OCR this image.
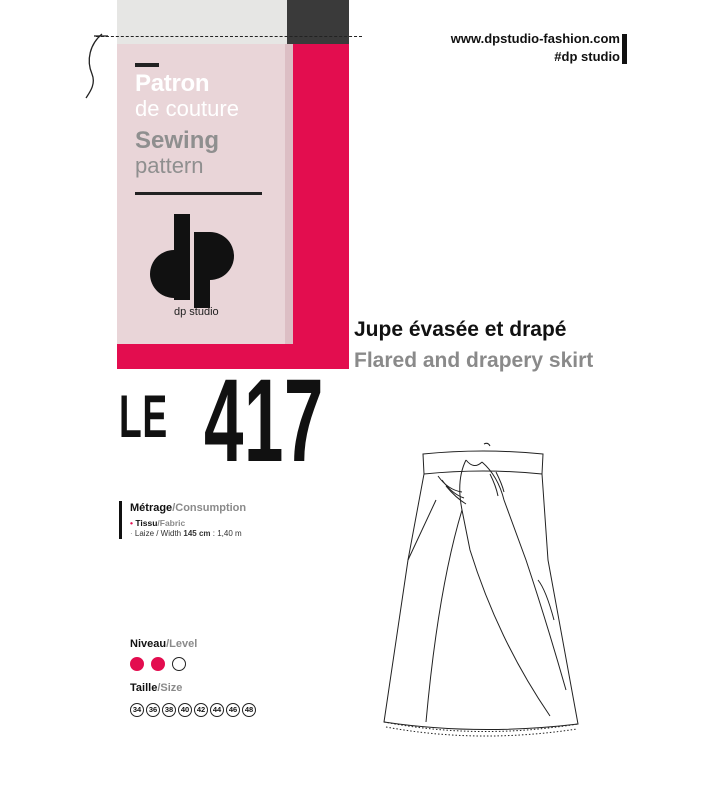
www.dpstudio-fashion.com
#dp studio
Patron
de couture
Sewing
pattern
dp studio
Jupe évasée et drapé
Flared and drapery skirt
LE 417
Métrage/Consumption
• Tissu/Fabric
· Laize / Width 145 cm : 1,40 m
Niveau/Level
Taille/Size
34	36	38	40	42	44	46	48
